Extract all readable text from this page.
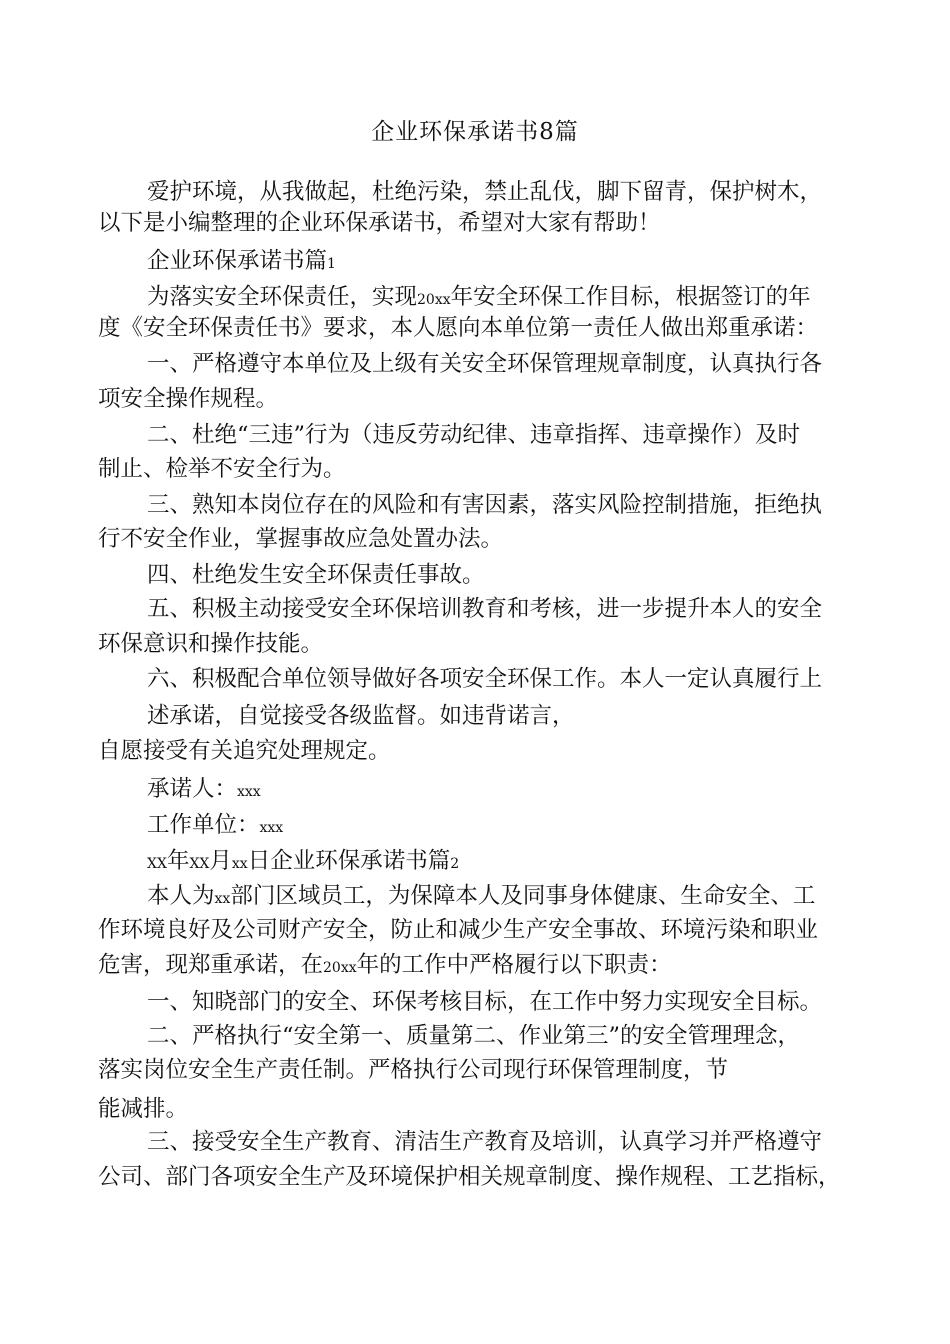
企业环保承诺书8篇
爱护环境，从我做起，杜绝污染，禁止乱伐，脚下留青，保护树木，
以下是小编整理的企业环保承诺书，希望对大家有帮助！
企业环保承诺书篇1
为落实安全环保责任，实现20xx年安全环保工作目标，根据签订的年
度《安全环保责任书》要求，本人愿向本单位第一责任人做出郑重承诺：
一、严格遵守本单位及上级有关安全环保管理规章制度，认真执行各
项安全操作规程。
二、杜绝“三违”行为（违反劳动纪律、违章指挥、违章操作）及时
制止、检举不安全行为。
三、熟知本岗位存在的风险和有害因素，落实风险控制措施，拒绝执
行不安全作业，掌握事故应急处置办法。
四、杜绝发生安全环保责任事故。
五、积极主动接受安全环保培训教育和考核，进一步提升本人的安全
环保意识和操作技能。
六、积极配合单位领导做好各项安全环保工作。本人一定认真履行上
述承诺，自觉接受各级监督。如违背诺言，
自愿接受有关追究处理规定。
承诺人：xxx
工作单位：xxx
XX年XX月xx日企业环保承诺书篇2
本人为xx部门区域员工，为保障本人及同事身体健康、生命安全、工
作环境良好及公司财产安全，防止和减少生产安全事故、环境污染和职业
危害，现郑重承诺，在20xx年的工作中严格履行以下职责：
一、知晓部门的安全、环保考核目标，在工作中努力实现安全目标。
二、严格执行“安全第一、质量第二、作业第三”的安全管理理念，
落实岗位安全生产责任制。严格执行公司现行环保管理制度，节
能减排。
三、接受安全生产教育、清洁生产教育及培训，认真学习并严格遵守
公司、部门各项安全生产及环境保护相关规章制度、操作规程、工艺指标，
